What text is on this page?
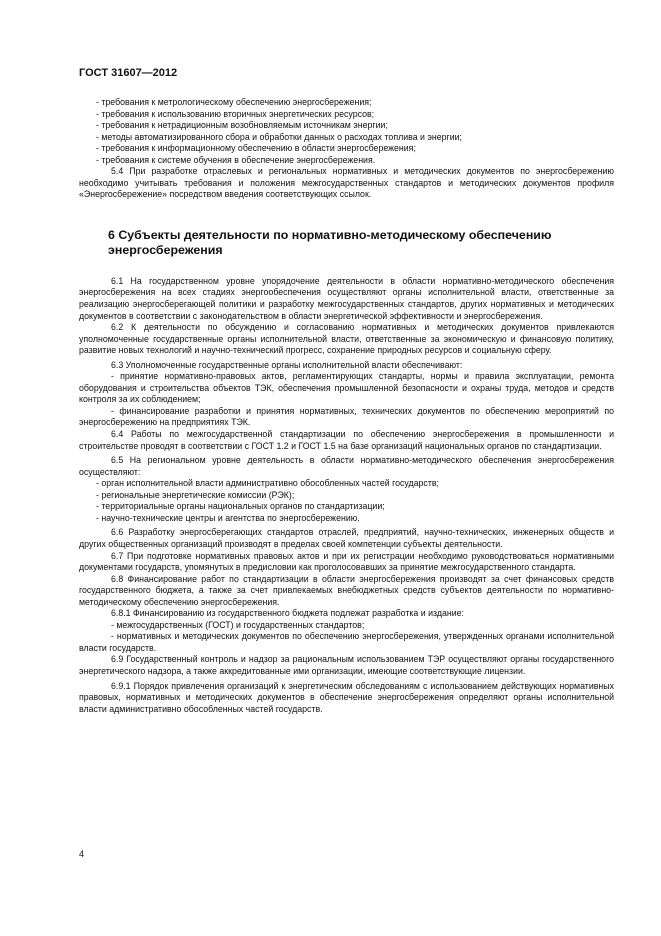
ГОСТ 31607—2012

- требования к метрологическому обеспечению энергосбережения;

- требования к использованию вторичных энергетических ресурсов;

- требования к нетрадиционным возобновляемым источникам энергии;

- методы автоматизированного сбора и обработки данных о расходах топлива и энергии;

- требования к информационному обеспечению в области энергосбережения;

- требования к системе обучения в обеспечение энергосбережения.

5.4 При разработке отраслевых и региональных нормативных и методических документов по энергосбережению необходимо учитывать требования и положения межгосударственных стандартов и методических документов профиля «Энергосбережение» посредством введения соответствующих ссылок.

6 Субъекты деятельности по нормативно-методическому обеспечению энергосбережения

6.1 На государственном уровне упорядочение деятельности в области нормативно-методического обеспечения энергосбережения на всех стадиях энергообеспечения осуществляют органы исполнительной власти, ответственные за реализацию энергосберегающей политики и разработку межгосударственных стандартов, других нормативных и методических документов в соответствии с законодательством в области энергетической эффективности и энергосбережения.

6.2 К деятельности по обсуждению и согласованию нормативных и методических документов привлекаются уполномоченные государственные органы исполнительной власти, ответственные за экономическую и финансовую политику, развитие новых технологий и научно-технический прогресс, сохранение природных ресурсов и социальную сферу.

6.3 Уполномоченные государственные органы исполнительной власти обеспечивают:

- принятие нормативно-правовых актов, регламентирующих стандарты, нормы и правила эксплуатации, ремонта оборудования и строительства объектов ТЭК, обеспечения промышленной безопасности и охраны труда, методов и средств контроля за их соблюдением;

- финансирование разработки и принятия нормативных, технических документов по обеспечению мероприятий по энергосбережению на предприятиях ТЭК.

6.4 Работы по межгосударственной стандартизации по обеспечению энергосбережения в промышленности и строительстве проводят в соответствии с ГОСТ 1.2 и ГОСТ 1.5 на базе организаций национальных органов по стандартизации.

6.5 На региональном уровне деятельность в области нормативно-методического обеспечения энергосбережения осуществляют:

- орган исполнительной власти административно обособленных частей государств;

- региональные энергетические комиссии (РЭК);

- территориальные органы национальных органов по стандартизации;

- научно-технические центры и агентства по энергосбережению.

6.6 Разработку энергосберегающих стандартов отраслей, предприятий, научно-технических, инженерных обществ и других общественных организаций производят в пределах своей компетенции субъекты деятельности.

6.7 При подготовке нормативных правовых актов и при их регистрации необходимо руководствоваться нормативными документами государств, упомянутых в предисловии как проголосовавших за принятие межгосударственного стандарта.

6.8 Финансирование работ по стандартизации в области энергосбережения производят за счет финансовых средств государственного бюджета, а также за счет привлекаемых внебюджетных средств субъектов деятельности по нормативно-методическому обеспечению энергосбережения.

6.8.1 Финансированию из государственного бюджета подлежат разработка и издание:

- межгосударственных (ГОСТ) и государственных стандартов;

- нормативных и методических документов по обеспечению энергосбережения, утвержденных органами исполнительной власти государств.

6.9 Государственный контроль и надзор за рациональным использованием ТЭР осуществляют органы государственного энергетического надзора, а также аккредитованные ими организации, имеющие соответствующие лицензии.

6.9.1 Порядок привлечения организаций к энергетическим обследованиям с использованием действующих нормативных правовых, нормативных и методических документов в обеспечение энергосбережения определяют органы исполнительной власти административно обособленных частей государств.

4
